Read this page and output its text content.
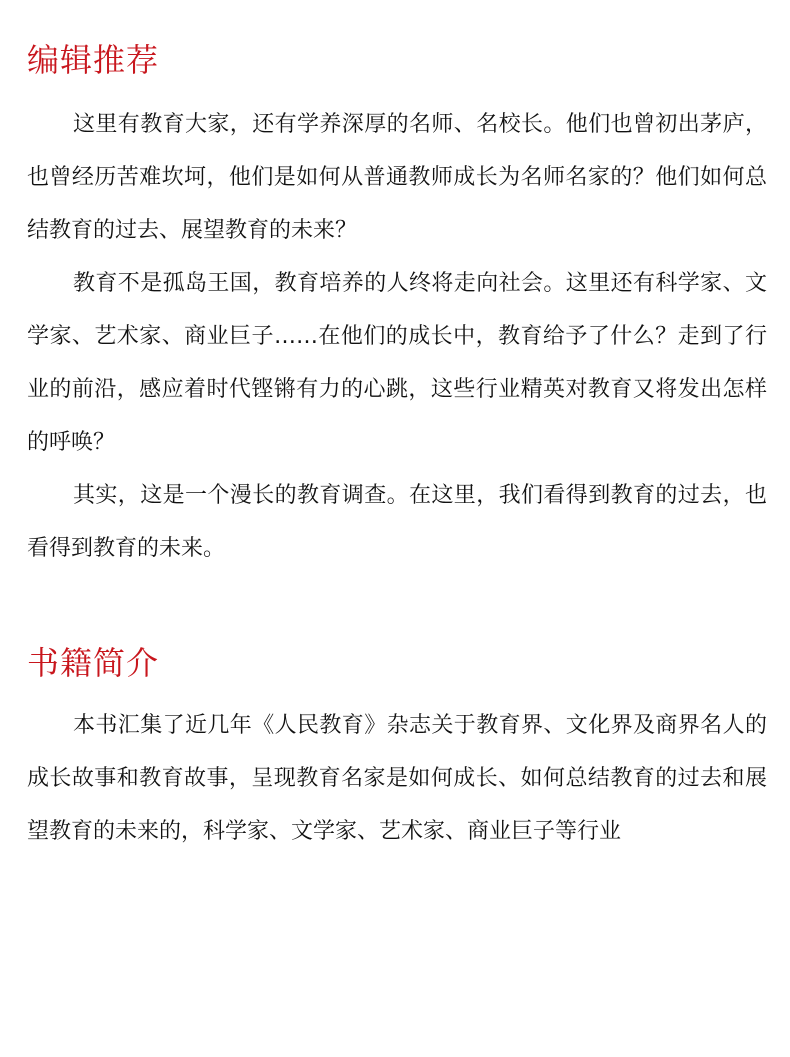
编辑推荐

这里有教育大家，还有学养深厚的名师、名校长。他们也曾初出茅庐，也曾经历苦难坎坷，他们是如何从普通教师成长为名师名家的？他们如何总结教育的过去、展望教育的未来？

教育不是孤岛王国，教育培养的人终将走向社会。这里还有科学家、文学家、艺术家、商业巨子……在他们的成长中，教育给予了什么？走到了行业的前沿，感应着时代铿锵有力的心跳，这些行业精英对教育又将发出怎样的呼唤？

其实，这是一个漫长的教育调查。在这里，我们看得到教育的过去，也看得到教育的未来。

书籍简介

本书汇集了近几年《人民教育》杂志关于教育界、文化界及商界名人的成长故事和教育故事，呈现教育名家是如何成长、如何总结教育的过去和展望教育的未来的，科学家、文学家、艺术家、商业巨子等行业
